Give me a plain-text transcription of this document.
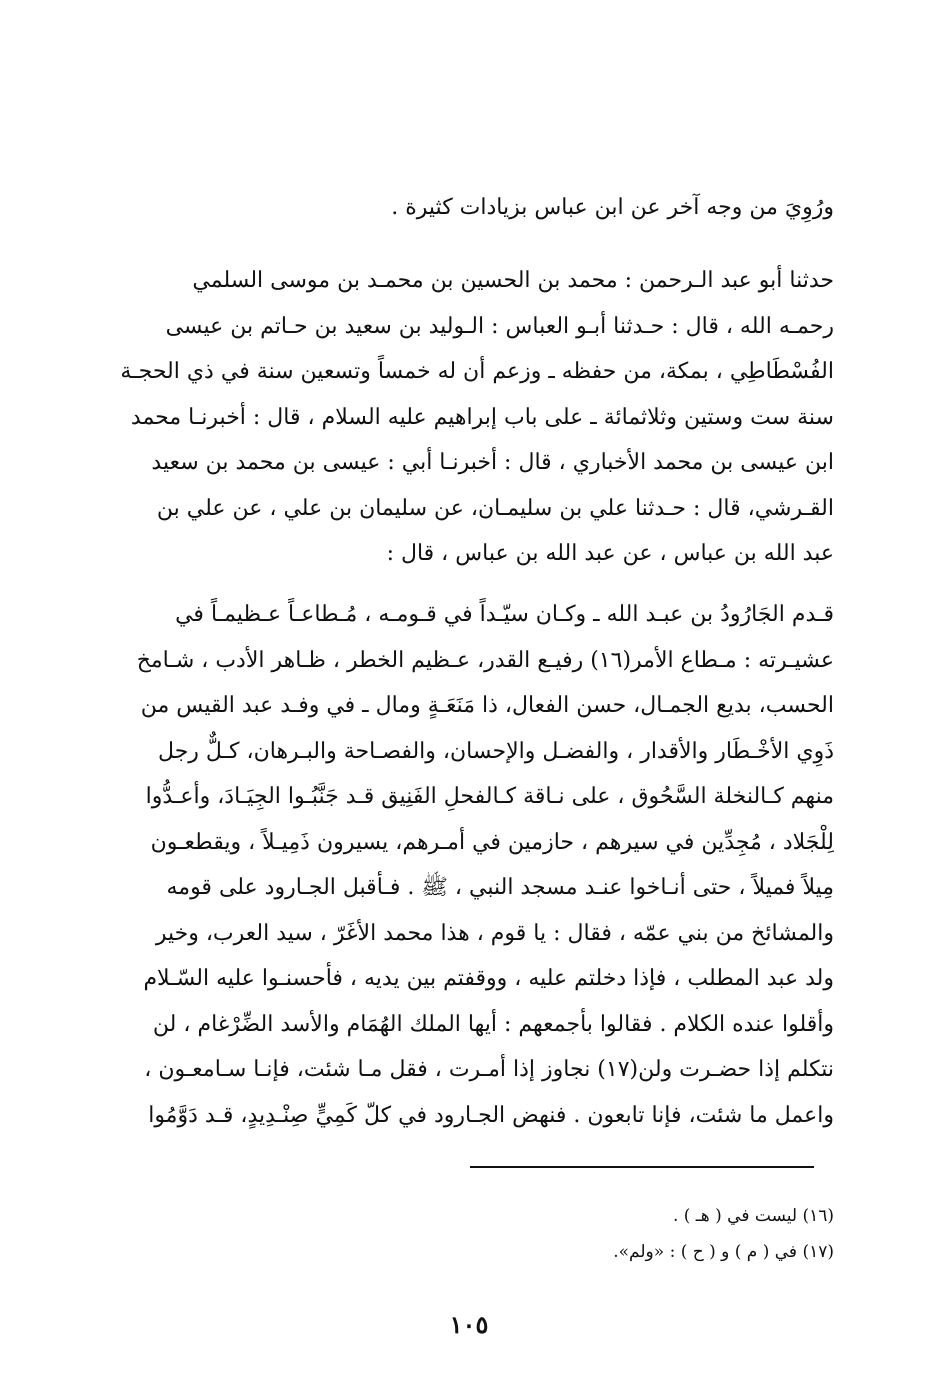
ورُوِيَ من وجه آخر عن ابن عباس بزيادات كثيرة .
حدثنا أبو عبد الـرحمن : محمد بن الحسين بن محمـد بن موسى السلمي
رحمـه الله ، قال : حـدثنا أبـو العباس : الـوليد بن سعيد بن حـاتم بن عيسى
الفُسْطَاطِي ، بمكة، من حفظه ـ وزعم أن له خمساً وتسعين سنة في ذي الحجـة
سنة ست وستين وثلاثمائة ـ على باب إبراهيم عليه السلام ، قال : أخبرنـا محمد
ابن عيسى بن محمد الأخباري ، قال : أخبرنـا أبي : عيسى بن محمد بن سعيد
القـرشي، قال : حـدثنا علي بن سليمـان، عن سليمان بن علي ، عن علي بن
عبد الله بن عباس ، عن عبد الله بن عباس ، قال :
قـدم الجَارُودُ بن عبـد الله ـ وكـان سيّـداً في قـومـه ، مُـطاعـاً عـظيمـاً في
عشيـرته : مـطاع الأمر(١٦) رفيـع القدر، عـظيم الخطر ، ظـاهر الأدب ، شـامخ
الحسب، بديع الجمـال، حسن الفعال، ذا مَنَعَـةٍ ومال ـ في وفـد عبد القيس من
ذَوِي الأخْـطَار والأقدار ، والفضـل والإحسان، والفصـاحة والبـرهان، كـلٌّ رجل
منهم كـالنخلة السَّحُوق ، على نـاقة كـالفحلِ الفَنِيق قـد جَنَّبُـوا الجِيَـادَ، وأعـدُّوا
لِلْجَلاد ، مُجِدِّين في سيرهم ، حازمين في أمـرهم، يسيرون ذَمِيـلاً ، ويقطعـون
مِيلاً فميلاً ، حتى أنـاخوا عنـد مسجد النبي ، ﷺ . فـأقبل الجـارود على قومه
والمشائخ من بني عمّه ، فقال : يا قوم ، هذا محمد الأغَرّ ، سيد العرب، وخير
ولد عبد المطلب ، فإذا دخلتم عليه ، ووقفتم بين يديه ، فأحسنـوا عليه السّـلام
وأقلوا عنده الكلام . فقالوا بأجمعهم : أيها الملك الهُمَام والأسد الضِّرْغام ، لن
نتكلم إذا حضـرت ولن(١٧) نجاوز إذا أمـرت ، فقل مـا شئت، فإنـا سـامعـون ،
واعمل ما شئت، فإنا تابعون . فنهض الجـارود في كلّ كَمِيٍّ صِنْـدِيدٍ، قـد دَوَّمُوا
(١٦) ليست في ( هـ ) .
(١٧) في ( م ) و ( ح ) : «ولم».
١٠٥
